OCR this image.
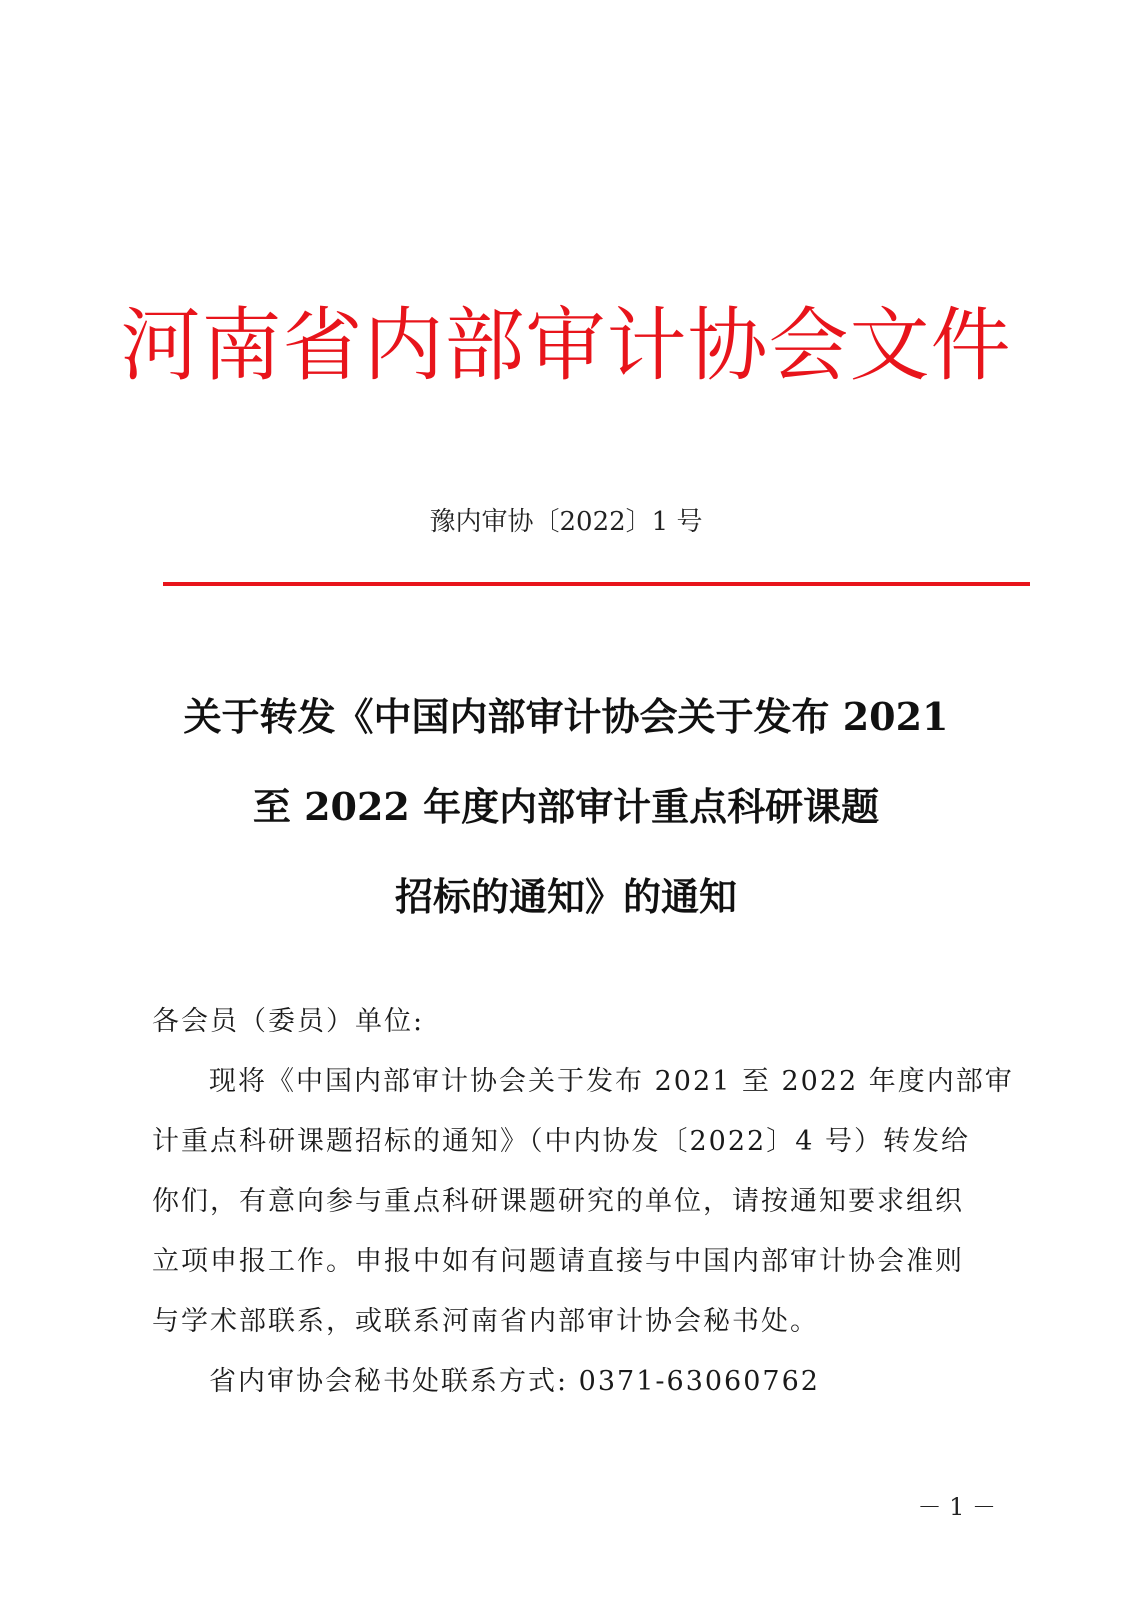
河南省内部审计协会文件
豫内审协〔2022〕1 号
关于转发《中国内部审计协会关于发布 2021
至 2022 年度内部审计重点科研课题
招标的通知》的通知
各会员（委员）单位:
现将《中国内部审计协会关于发布 2021 至 2022 年度内部审
计重点科研课题招标的通知》（中内协发〔2022〕4 号）转发给
你们，有意向参与重点科研课题研究的单位，请按通知要求组织
立项申报工作。申报中如有问题请直接与中国内部审计协会准则
与学术部联系，或联系河南省内部审计协会秘书处。
省内审协会秘书处联系方式: 0371-63060762
－ 1 －
